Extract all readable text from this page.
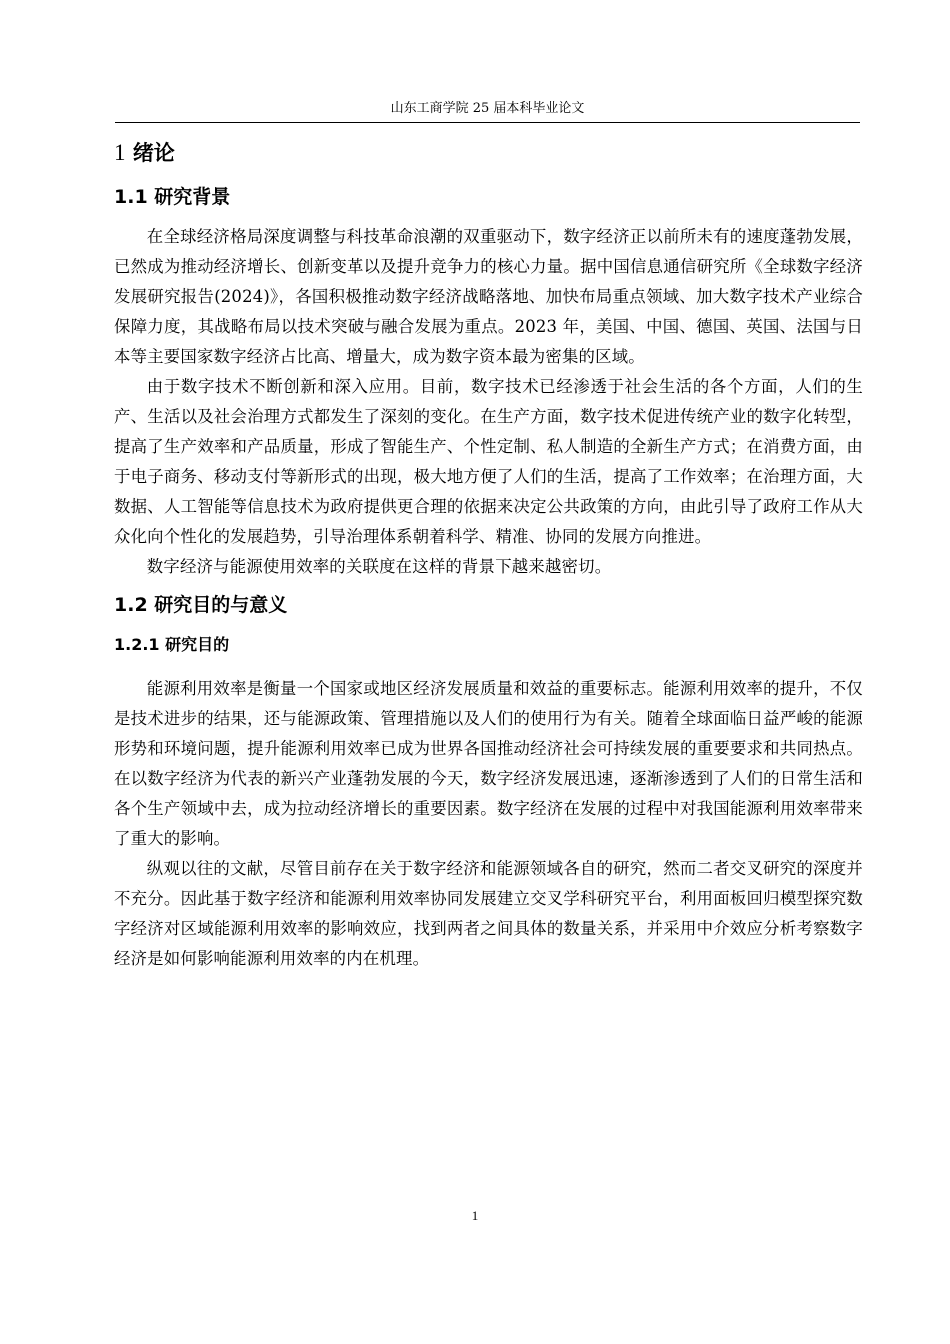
山东工商学院 25 届本科毕业论文
1 绪论
1.1 研究背景

在全球经济格局深度调整与科技革命浪潮的双重驱动下，数字经济正以前所未有的速度蓬勃发展，已然成为推动经济增长、创新变革以及提升竞争力的核心力量。据中国信息通信研究所《全球数字经济发展研究报告(2024)》，各国积极推动数字经济战略落地、加快布局重点领域、加大数字技术产业综合保障力度，其战略布局以技术突破与融合发展为重点。2023 年，美国、中国、德国、英国、法国与日本等主要国家数字经济占比高、增量大，成为数字资本最为密集的区域。

由于数字技术不断创新和深入应用。目前，数字技术已经渗透于社会生活的各个方面，人们的生产、生活以及社会治理方式都发生了深刻的变化。在生产方面，数字技术促进传统产业的数字化转型，提高了生产效率和产品质量，形成了智能生产、个性定制、私人制造的全新生产方式；在消费方面，由于电子商务、移动支付等新形式的出现，极大地方便了人们的生活，提高了工作效率；在治理方面，大数据、人工智能等信息技术为政府提供更合理的依据来决定公共政策的方向，由此引导了政府工作从大众化向个性化的发展趋势，引导治理体系朝着科学、精准、协同的发展方向推进。

数字经济与能源使用效率的关联度在这样的背景下越来越密切。

1.2 研究目的与意义
1.2.1 研究目的

能源利用效率是衡量一个国家或地区经济发展质量和效益的重要标志。能源利用效率的提升，不仅是技术进步的结果，还与能源政策、管理措施以及人们的使用行为有关。随着全球面临日益严峻的能源形势和环境问题，提升能源利用效率已成为世界各国推动经济社会可持续发展的重要要求和共同热点。在以数字经济为代表的新兴产业蓬勃发展的今天，数字经济发展迅速，逐渐渗透到了人们的日常生活和各个生产领域中去，成为拉动经济增长的重要因素。数字经济在发展的过程中对我国能源利用效率带来了重大的影响。

纵观以往的文献，尽管目前存在关于数字经济和能源领域各自的研究，然而二者交叉研究的深度并不充分。因此基于数字经济和能源利用效率协同发展建立交叉学科研究平台，利用面板回归模型探究数字经济对区域能源利用效率的影响效应，找到两者之间具体的数量关系，并采用中介效应分析考察数字经济是如何影响能源利用效率的内在机理。

1
